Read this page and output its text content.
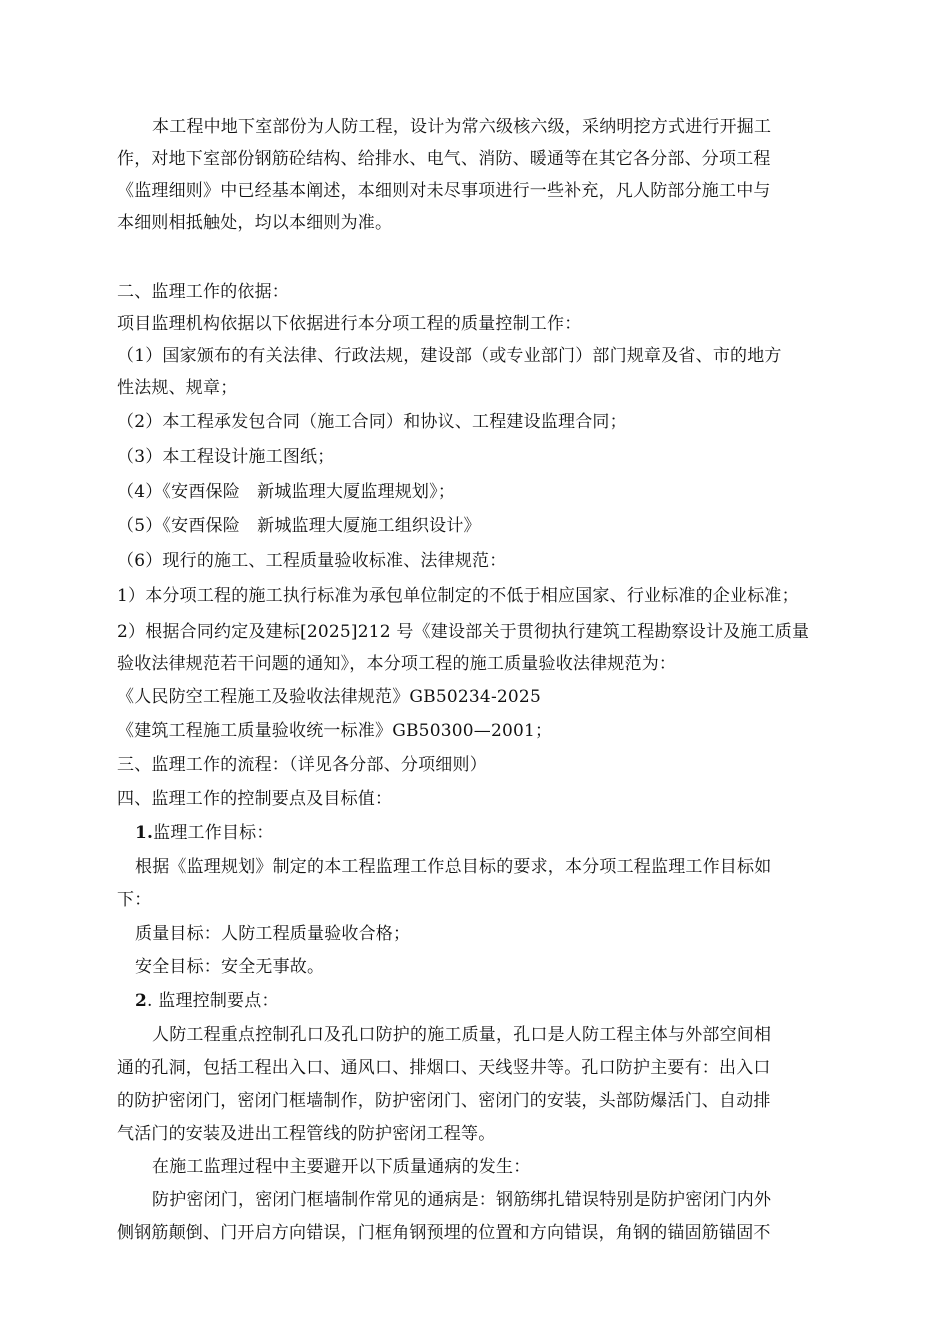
本工程中地下室部份为人防工程，设计为常六级核六级，采纳明挖方式进行开掘工
作，对地下室部份钢筋砼结构、给排水、电气、消防、暖通等在其它各分部、分项工程
《监理细则》中已经基本阐述，本细则对未尽事项进行一些补充，凡人防部分施工中与
本细则相抵触处，均以本细则为准。
二、监理工作的依据：
项目监理机构依据以下依据进行本分项工程的质量控制工作：
（1）国家颁布的有关法律、行政法规，建设部（或专业部门）部门规章及省、市的地方
性法规、规章；
（2）本工程承发包合同（施工合同）和协议、工程建设监理合同；
（3）本工程设计施工图纸；
（4）《安酉保险　新城监理大厦监理规划》；
（5）《安酉保险　新城监理大厦施工组织设计》
（6）现行的施工、工程质量验收标准、法律规范：
1）本分项工程的施工执行标准为承包单位制定的不低于相应国家、行业标准的企业标准；
2）根据合同约定及建标[2025]212 号《建设部关于贯彻执行建筑工程勘察设计及施工质量
验收法律规范若干问题的通知》，本分项工程的施工质量验收法律规范为：
《人民防空工程施工及验收法律规范》GB50234-2025
《建筑工程施工质量验收统一标准》GB50300—2001；
三、监理工作的流程：（详见各分部、分项细则）
四、监理工作的控制要点及目标值：
1.监理工作目标：
根据《监理规划》制定的本工程监理工作总目标的要求，本分项工程监理工作目标如
下：
质量目标：人防工程质量验收合格；
安全目标：安全无事故。
2. 监理控制要点：
人防工程重点控制孔口及孔口防护的施工质量，孔口是人防工程主体与外部空间相
通的孔洞，包括工程出入口、通风口、排烟口、天线竖井等。孔口防护主要有：出入口
的防护密闭门，密闭门框墙制作，防护密闭门、密闭门的安装，头部防爆活门、自动排
气活门的安装及进出工程管线的防护密闭工程等。
在施工监理过程中主要避开以下质量通病的发生：
防护密闭门，密闭门框墙制作常见的通病是：钢筋绑扎错误特别是防护密闭门内外
侧钢筋颠倒、门开启方向错误，门框角钢预埋的位置和方向错误，角钢的锚固筋锚固不
